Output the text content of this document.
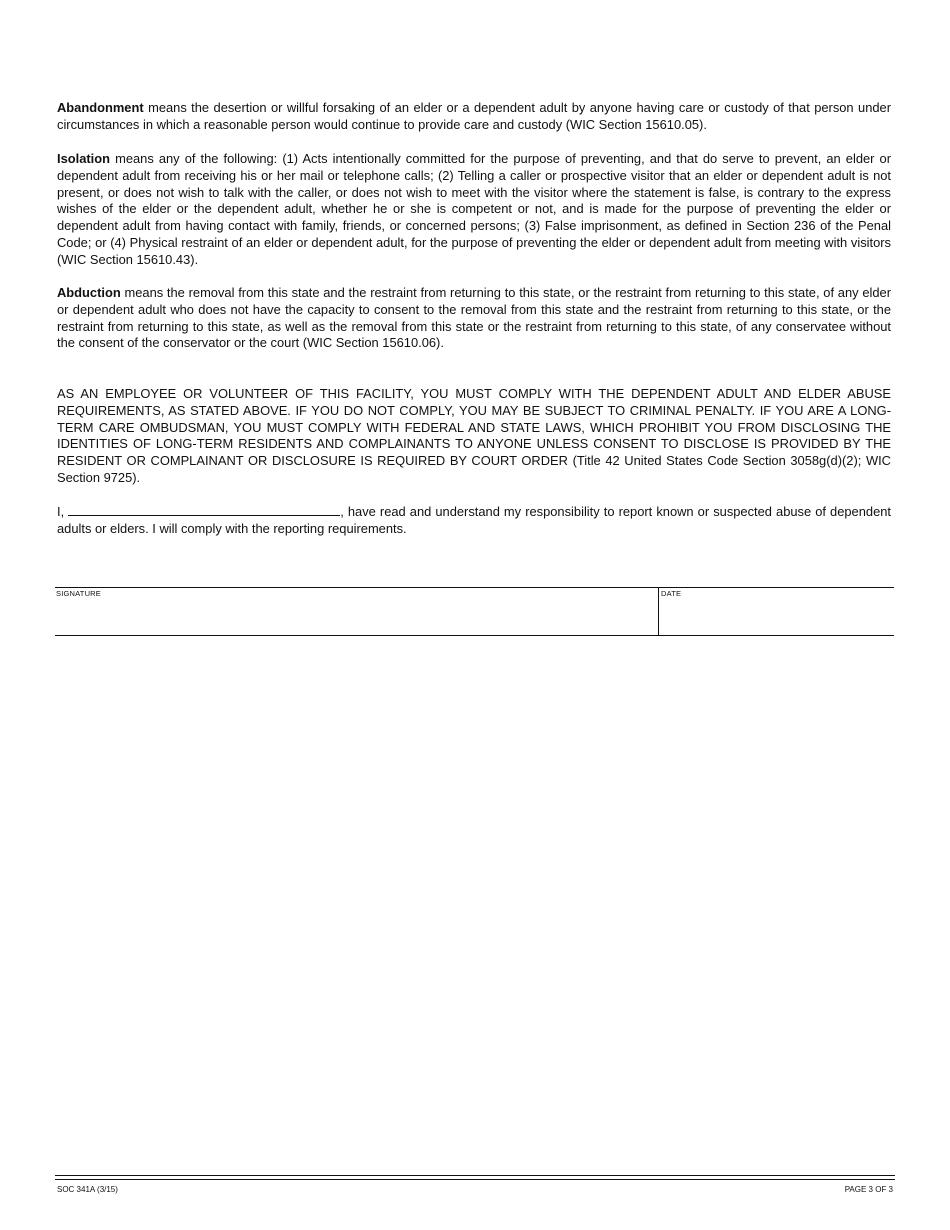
Abandonment means the desertion or willful forsaking of an elder or a dependent adult by anyone having care or custody of that person under circumstances in which a reasonable person would continue to provide care and custody (WIC Section 15610.05).

Isolation means any of the following: (1) Acts intentionally committed for the purpose of preventing, and that do serve to prevent, an elder or dependent adult from receiving his or her mail or telephone calls; (2) Telling a caller or prospective visitor that an elder or dependent adult is not present, or does not wish to talk with the caller, or does not wish to meet with the visitor where the statement is false, is contrary to the express wishes of the elder or the dependent adult, whether he or she is competent or not, and is made for the purpose of preventing the elder or dependent adult from having contact with family, friends, or concerned persons; (3) False imprisonment, as defined in Section 236 of the Penal Code; or (4) Physical restraint of an elder or dependent adult, for the purpose of preventing the elder or dependent adult from meeting with visitors (WIC Section 15610.43).

Abduction means the removal from this state and the restraint from returning to this state, or the restraint from returning to this state, of any elder or dependent adult who does not have the capacity to consent to the removal from this state and the restraint from returning to this state, or the restraint from returning to this state, as well as the removal from this state or the restraint from returning to this state, of any conservatee without the consent of the conservator or the court (WIC Section 15610.06).

AS AN EMPLOYEE OR VOLUNTEER OF THIS FACILITY, YOU MUST COMPLY WITH THE DEPENDENT ADULT AND ELDER ABUSE REQUIREMENTS, AS STATED ABOVE. IF YOU DO NOT COMPLY, YOU MAY BE SUBJECT TO CRIMINAL PENALTY. IF YOU ARE A LONG-TERM CARE OMBUDSMAN, YOU MUST COMPLY WITH FEDERAL AND STATE LAWS, WHICH PROHIBIT YOU FROM DISCLOSING THE IDENTITIES OF LONG-TERM RESIDENTS AND COMPLAINANTS TO ANYONE UNLESS CONSENT TO DISCLOSE IS PROVIDED BY THE RESIDENT OR COMPLAINANT OR DISCLOSURE IS REQUIRED BY COURT ORDER (Title 42 United States Code Section 3058g(d)(2); WIC Section 9725).

I,	, have read and understand my responsibility to report known or suspected abuse of dependent adults or elders. I will comply with the reporting requirements.

SIGNATURE	DATE
SOC 341A (3/15)	PAGE 3 OF 3
